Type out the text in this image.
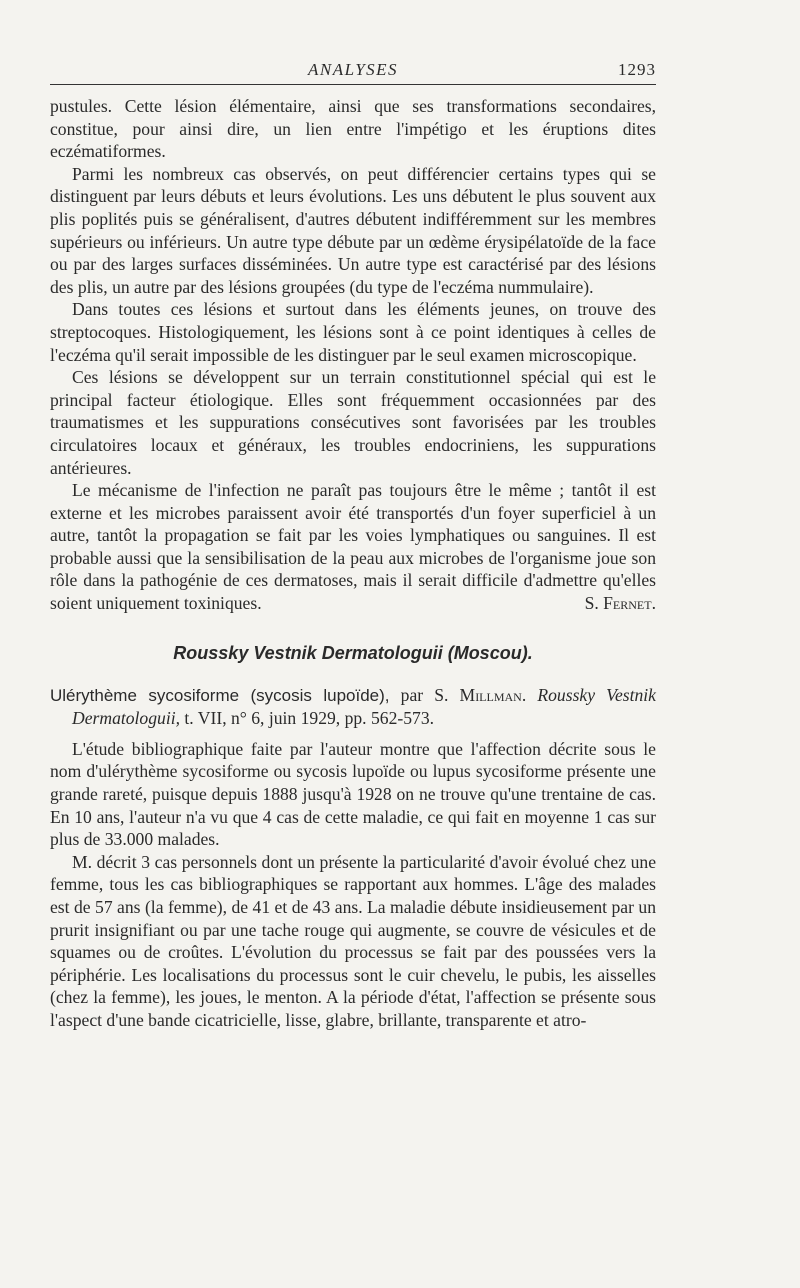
ANALYSES	1293

pustules. Cette lésion élémentaire, ainsi que ses transformations secondaires, constitue, pour ainsi dire, un lien entre l'impétigo et les éruptions dites eczématiformes.

Parmi les nombreux cas observés, on peut différencier certains types qui se distinguent par leurs débuts et leurs évolutions. Les uns débutent le plus souvent aux plis poplités puis se généralisent, d'autres débutent indifféremment sur les membres supérieurs ou inférieurs. Un autre type débute par un œdème érysipélatoïde de la face ou par des larges surfaces disséminées. Un autre type est caractérisé par des lésions des plis, un autre par des lésions groupées (du type de l'eczéma nummulaire).

Dans toutes ces lésions et surtout dans les éléments jeunes, on trouve des streptocoques. Histologiquement, les lésions sont à ce point identiques à celles de l'eczéma qu'il serait impossible de les distinguer par le seul examen microscopique.

Ces lésions se développent sur un terrain constitutionnel spécial qui est le principal facteur étiologique. Elles sont fréquemment occasionnées par des traumatismes et les suppurations consécutives sont favorisées par les troubles circulatoires locaux et généraux, les troubles endocriniens, les suppurations antérieures.

Le mécanisme de l'infection ne paraît pas toujours être le même ; tantôt il est externe et les microbes paraissent avoir été transportés d'un foyer superficiel à un autre, tantôt la propagation se fait par les voies lymphatiques ou sanguines. Il est probable aussi que la sensibilisation de la peau aux microbes de l'organisme joue son rôle dans la pathogénie de ces dermatoses, mais il serait difficile d'admettre qu'elles soient uniquement toxiniques.	S. Fernet.

Roussky Vestnik Dermatologuii (Moscou).

Ulérythème sycosiforme (sycosis lupoïde), par S. Millman. Roussky Vestnik Dermatologuii, t. VII, n° 6, juin 1929, pp. 562-573.

L'étude bibliographique faite par l'auteur montre que l'affection décrite sous le nom d'ulérythème sycosiforme ou sycosis lupoïde ou lupus sycosiforme présente une grande rareté, puisque depuis 1888 jusqu'à 1928 on ne trouve qu'une trentaine de cas. En 10 ans, l'auteur n'a vu que 4 cas de cette maladie, ce qui fait en moyenne 1 cas sur plus de 33.000 malades.

M. décrit 3 cas personnels dont un présente la particularité d'avoir évolué chez une femme, tous les cas bibliographiques se rapportant aux hommes. L'âge des malades est de 57 ans (la femme), de 41 et de 43 ans. La maladie débute insidieusement par un prurit insignifiant ou par une tache rouge qui augmente, se couvre de vésicules et de squames ou de croûtes. L'évolution du processus se fait par des poussées vers la périphérie. Les localisations du processus sont le cuir chevelu, le pubis, les aisselles (chez la femme), les joues, le menton. A la période d'état, l'affection se présente sous l'aspect d'une bande cicatricielle, lisse, glabre, brillante, transparente et atro-
